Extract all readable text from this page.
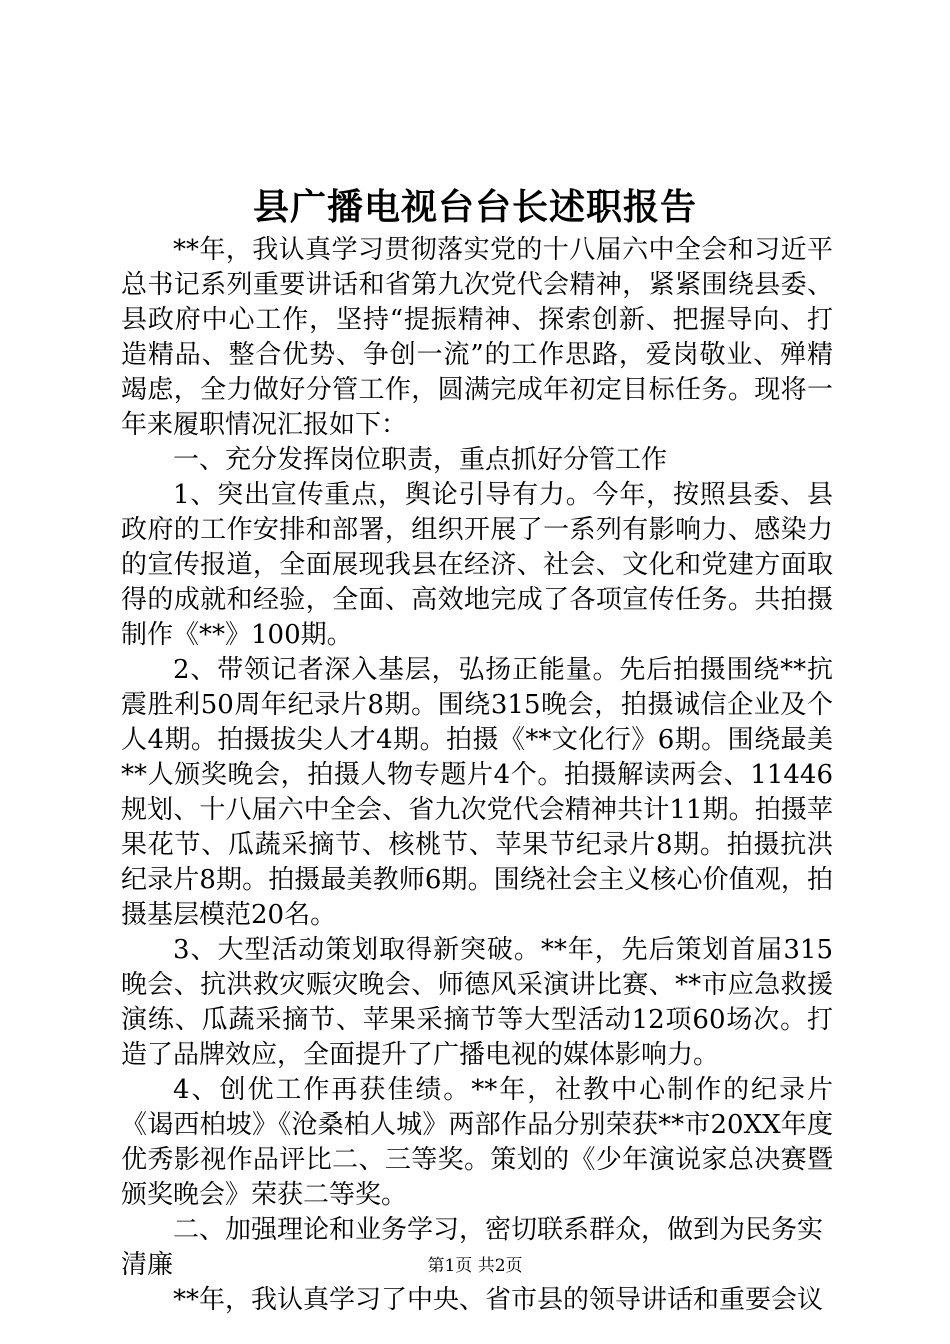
县广播电视台台长述职报告

**年，我认真学习贯彻落实党的十八届六中全会和习近平总书记系列重要讲话和省第九次党代会精神，紧紧围绕县委、县政府中心工作，坚持“提振精神、探索创新、把握导向、打造精品、整合优势、争创一流”的工作思路，爱岗敬业、殚精竭虑，全力做好分管工作，圆满完成年初定目标任务。现将一年来履职情况汇报如下：

一、充分发挥岗位职责，重点抓好分管工作

1、突出宣传重点，舆论引导有力。今年，按照县委、县政府的工作安排和部署，组织开展了一系列有影响力、感染力的宣传报道，全面展现我县在经济、社会、文化和党建方面取得的成就和经验，全面、高效地完成了各项宣传任务。共拍摄制作《**》100期。

2、带领记者深入基层，弘扬正能量。先后拍摄围绕**抗震胜利50周年纪录片8期。围绕315晚会，拍摄诚信企业及个人4期。拍摄拔尖人才4期。拍摄《**文化行》6期。围绕最美**人颁奖晚会，拍摄人物专题片4个。拍摄解读两会、11446规划、十八届六中全会、省九次党代会精神共计11期。拍摄苹果花节、瓜蔬采摘节、核桃节、苹果节纪录片8期。拍摄抗洪纪录片8期。拍摄最美教师6期。围绕社会主义核心价值观，拍摄基层模范20名。

3、大型活动策划取得新突破。**年，先后策划首届315晚会、抗洪救灾赈灾晚会、师德风采演讲比赛、**市应急救援演练、瓜蔬采摘节、苹果采摘节等大型活动12项60场次。打造了品牌效应，全面提升了广播电视的媒体影响力。

4、创优工作再获佳绩。**年，社教中心制作的纪录片《谒西柏坡》《沧桑柏人城》两部作品分别荣获**市20XX年度优秀影视作品评比二、三等奖。策划的《少年演说家总决赛暨颁奖晚会》荣获二等奖。

二、加强理论和业务学习，密切联系群众，做到为民务实清廉

**年，我认真学习了中央、省市县的领导讲话和重要会议

第1页 共2页
